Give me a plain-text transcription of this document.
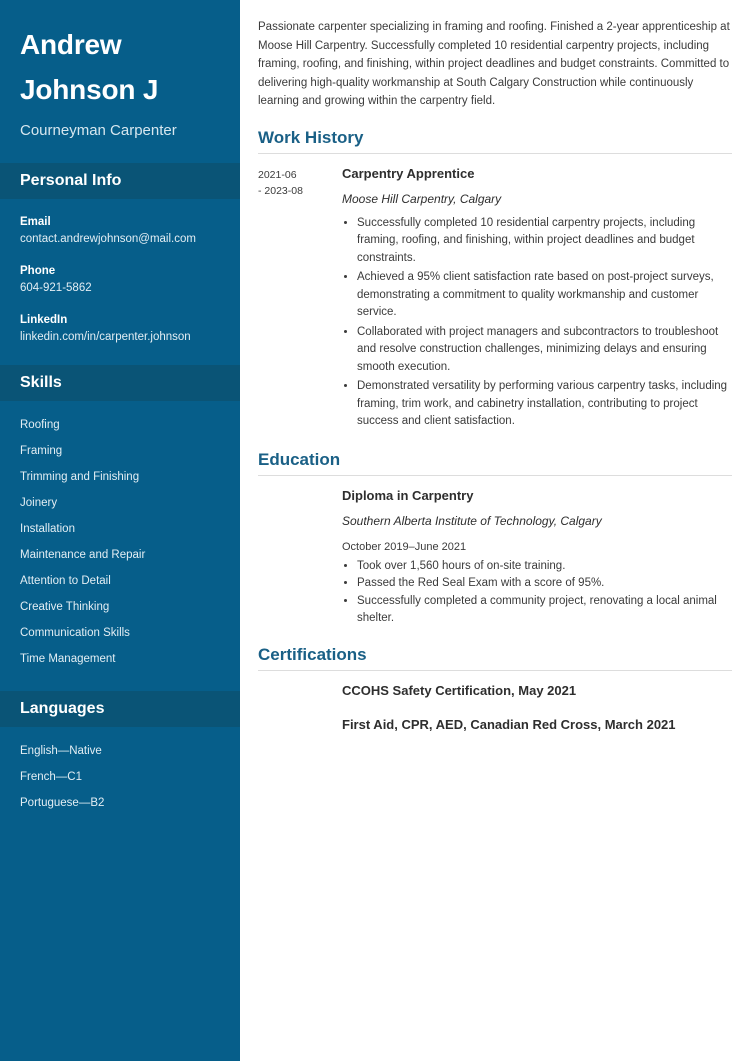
Andrew
Johnson J
Courneyman Carpenter
Personal Info
Email
contact.andrewjohnson@mail.com
Phone
604-921-5862
LinkedIn
linkedin.com/in/carpenter.johnson
Skills
Roofing
Framing
Trimming and Finishing
Joinery
Installation
Maintenance and Repair
Attention to Detail
Creative Thinking
Communication Skills
Time Management
Languages
English—Native
French—C1
Portuguese—B2

Passionate carpenter specializing in framing and roofing. Finished a 2-year apprenticeship at Moose Hill Carpentry. Successfully completed 10 residential carpentry projects, including framing, roofing, and finishing, within project deadlines and budget constraints. Committed to delivering high-quality workmanship at South Calgary Construction while continuously learning and growing within the carpentry field.

Work History
2021-06
- 2023-08
Carpentry Apprentice
Moose Hill Carpentry, Calgary
• Successfully completed 10 residential carpentry projects, including framing, roofing, and finishing, within project deadlines and budget constraints.
• Achieved a 95% client satisfaction rate based on post-project surveys, demonstrating a commitment to quality workmanship and customer service.
• Collaborated with project managers and subcontractors to troubleshoot and resolve construction challenges, minimizing delays and ensuring smooth execution.
• Demonstrated versatility by performing various carpentry tasks, including framing, trim work, and cabinetry installation, contributing to project success and client satisfaction.
Education
Diploma in Carpentry
Southern Alberta Institute of Technology, Calgary
October 2019–June 2021
• Took over 1,560 hours of on-site training.
• Passed the Red Seal Exam with a score of 95%.
• Successfully completed a community project, renovating a local animal shelter.
Certifications
CCOHS Safety Certification, May 2021
First Aid, CPR, AED, Canadian Red Cross, March 2021
